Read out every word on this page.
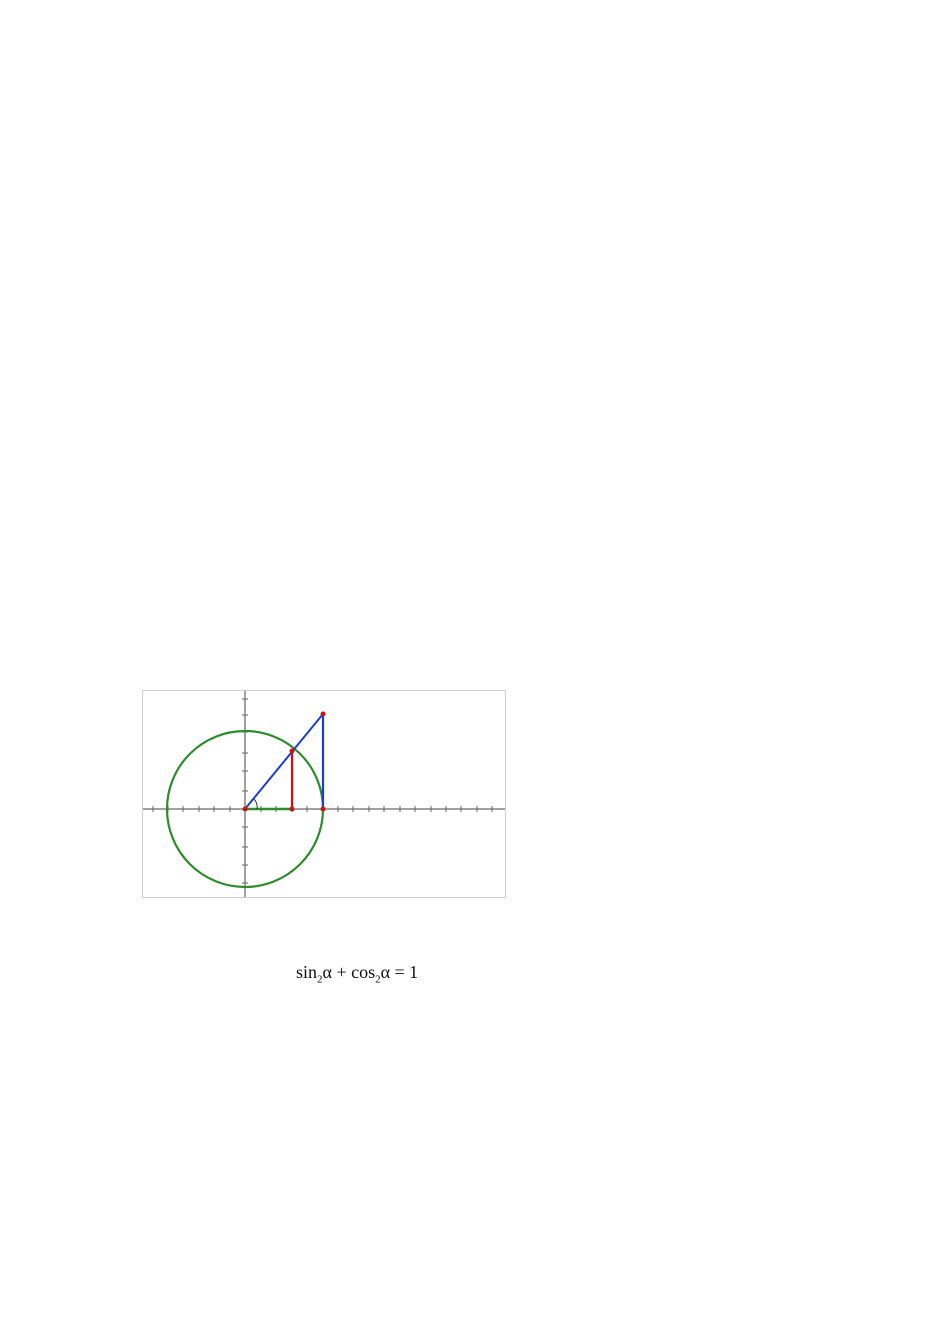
$\sin_2\alpha + \cos_2\alpha = 1$
